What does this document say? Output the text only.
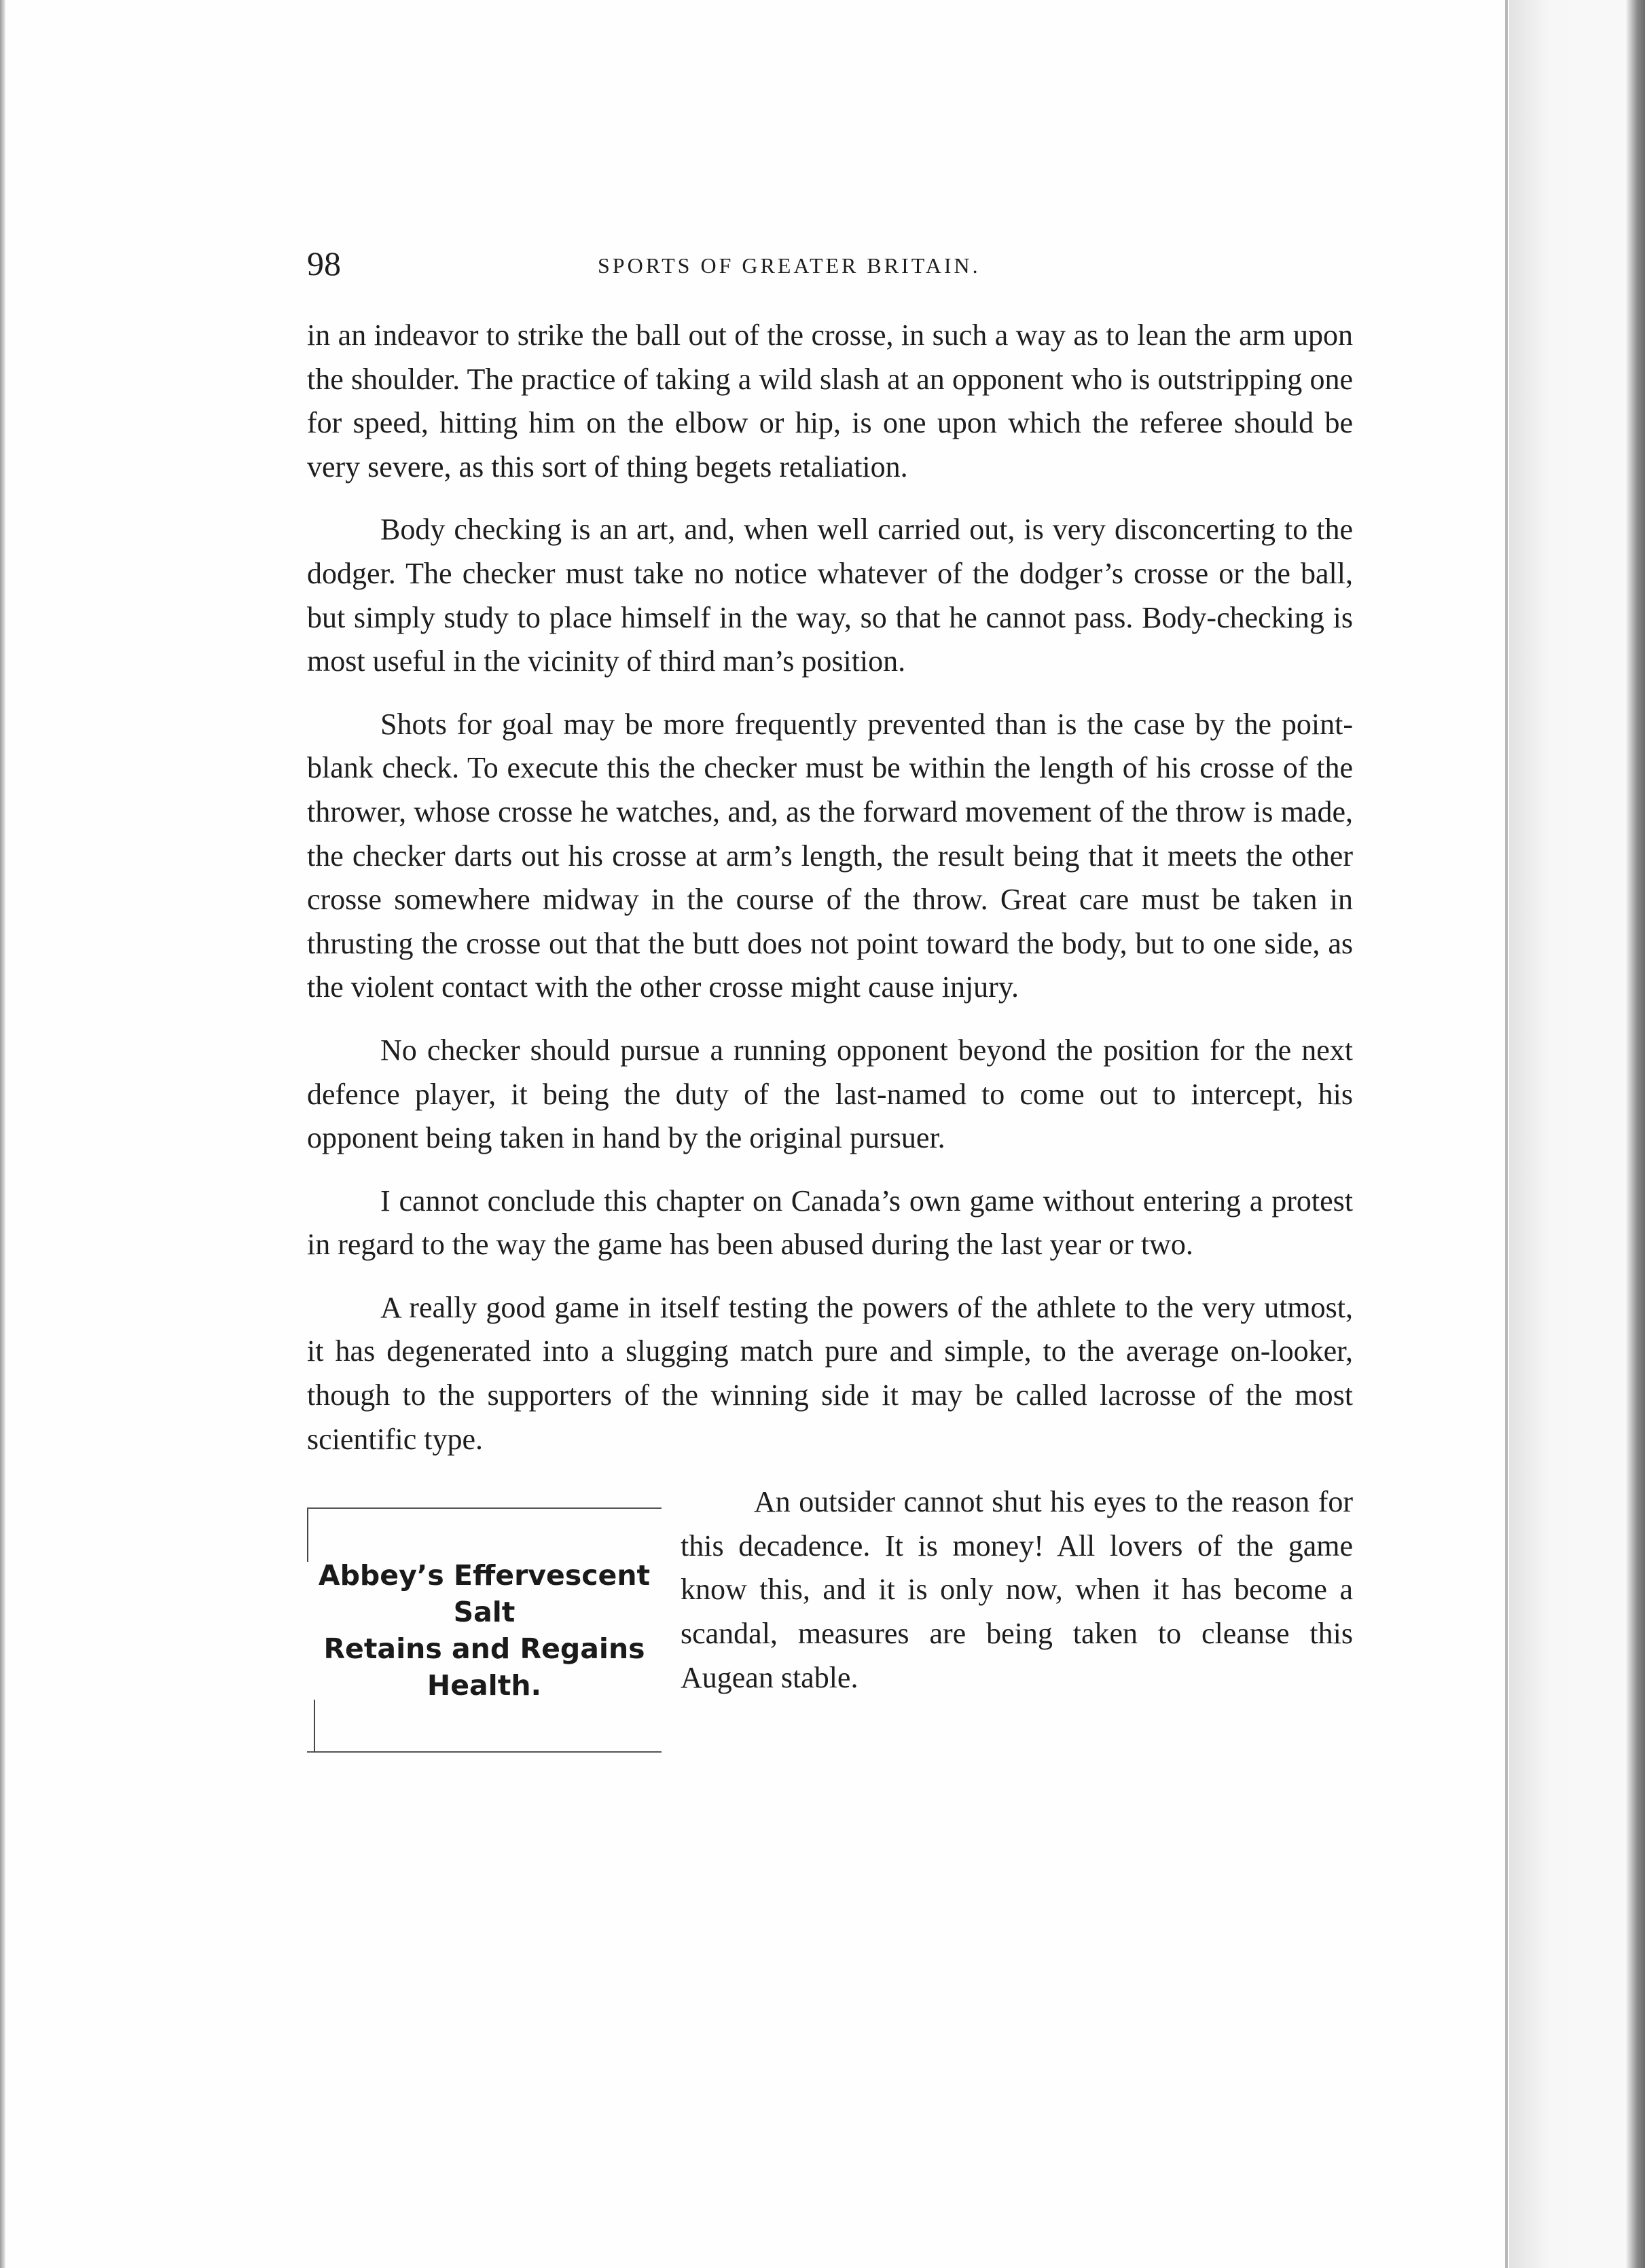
98	SPORTS OF GREATER BRITAIN.

in an indeavor to strike the ball out of the crosse, in such a way as to lean the arm upon the shoulder. The practice of taking a wild slash at an opponent who is outstripping one for speed, hitting him on the elbow or hip, is one upon which the referee should be very severe, as this sort of thing begets retaliation.

Body checking is an art, and, when well carried out, is very disconcerting to the dodger. The checker must take no notice whatever of the dodger’s crosse or the ball, but simply study to place himself in the way, so that he cannot pass. Body-checking is most useful in the vicinity of third man’s position.

Shots for goal may be more frequently prevented than is the case by the point-blank check. To execute this the checker must be within the length of his crosse of the thrower, whose crosse he watches, and, as the forward movement of the throw is made, the checker darts out his crosse at arm’s length, the result being that it meets the other crosse somewhere midway in the course of the throw. Great care must be taken in thrusting the crosse out that the butt does not point toward the body, but to one side, as the violent contact with the other crosse might cause injury.

No checker should pursue a running opponent beyond the position for the next defence player, it being the duty of the last-named to come out to intercept, his opponent being taken in hand by the original pursuer.

I cannot conclude this chapter on Canada’s own game without entering a protest in regard to the way the game has been abused during the last year or two.

A really good game in itself testing the powers of the athlete to the very utmost, it has degenerated into a slugging match pure and simple, to the average on-looker, though to the supporters of the winning side it may be called lacrosse of the most scientific type.

Abbey’s Effervescent
Salt
Retains and Regains
Health.
An outsider cannot shut his eyes to the reason for this decadence. It is money! All lovers of the game know this, and it is only now, when it has become a scandal, measures are being taken to cleanse this Augean stable.
